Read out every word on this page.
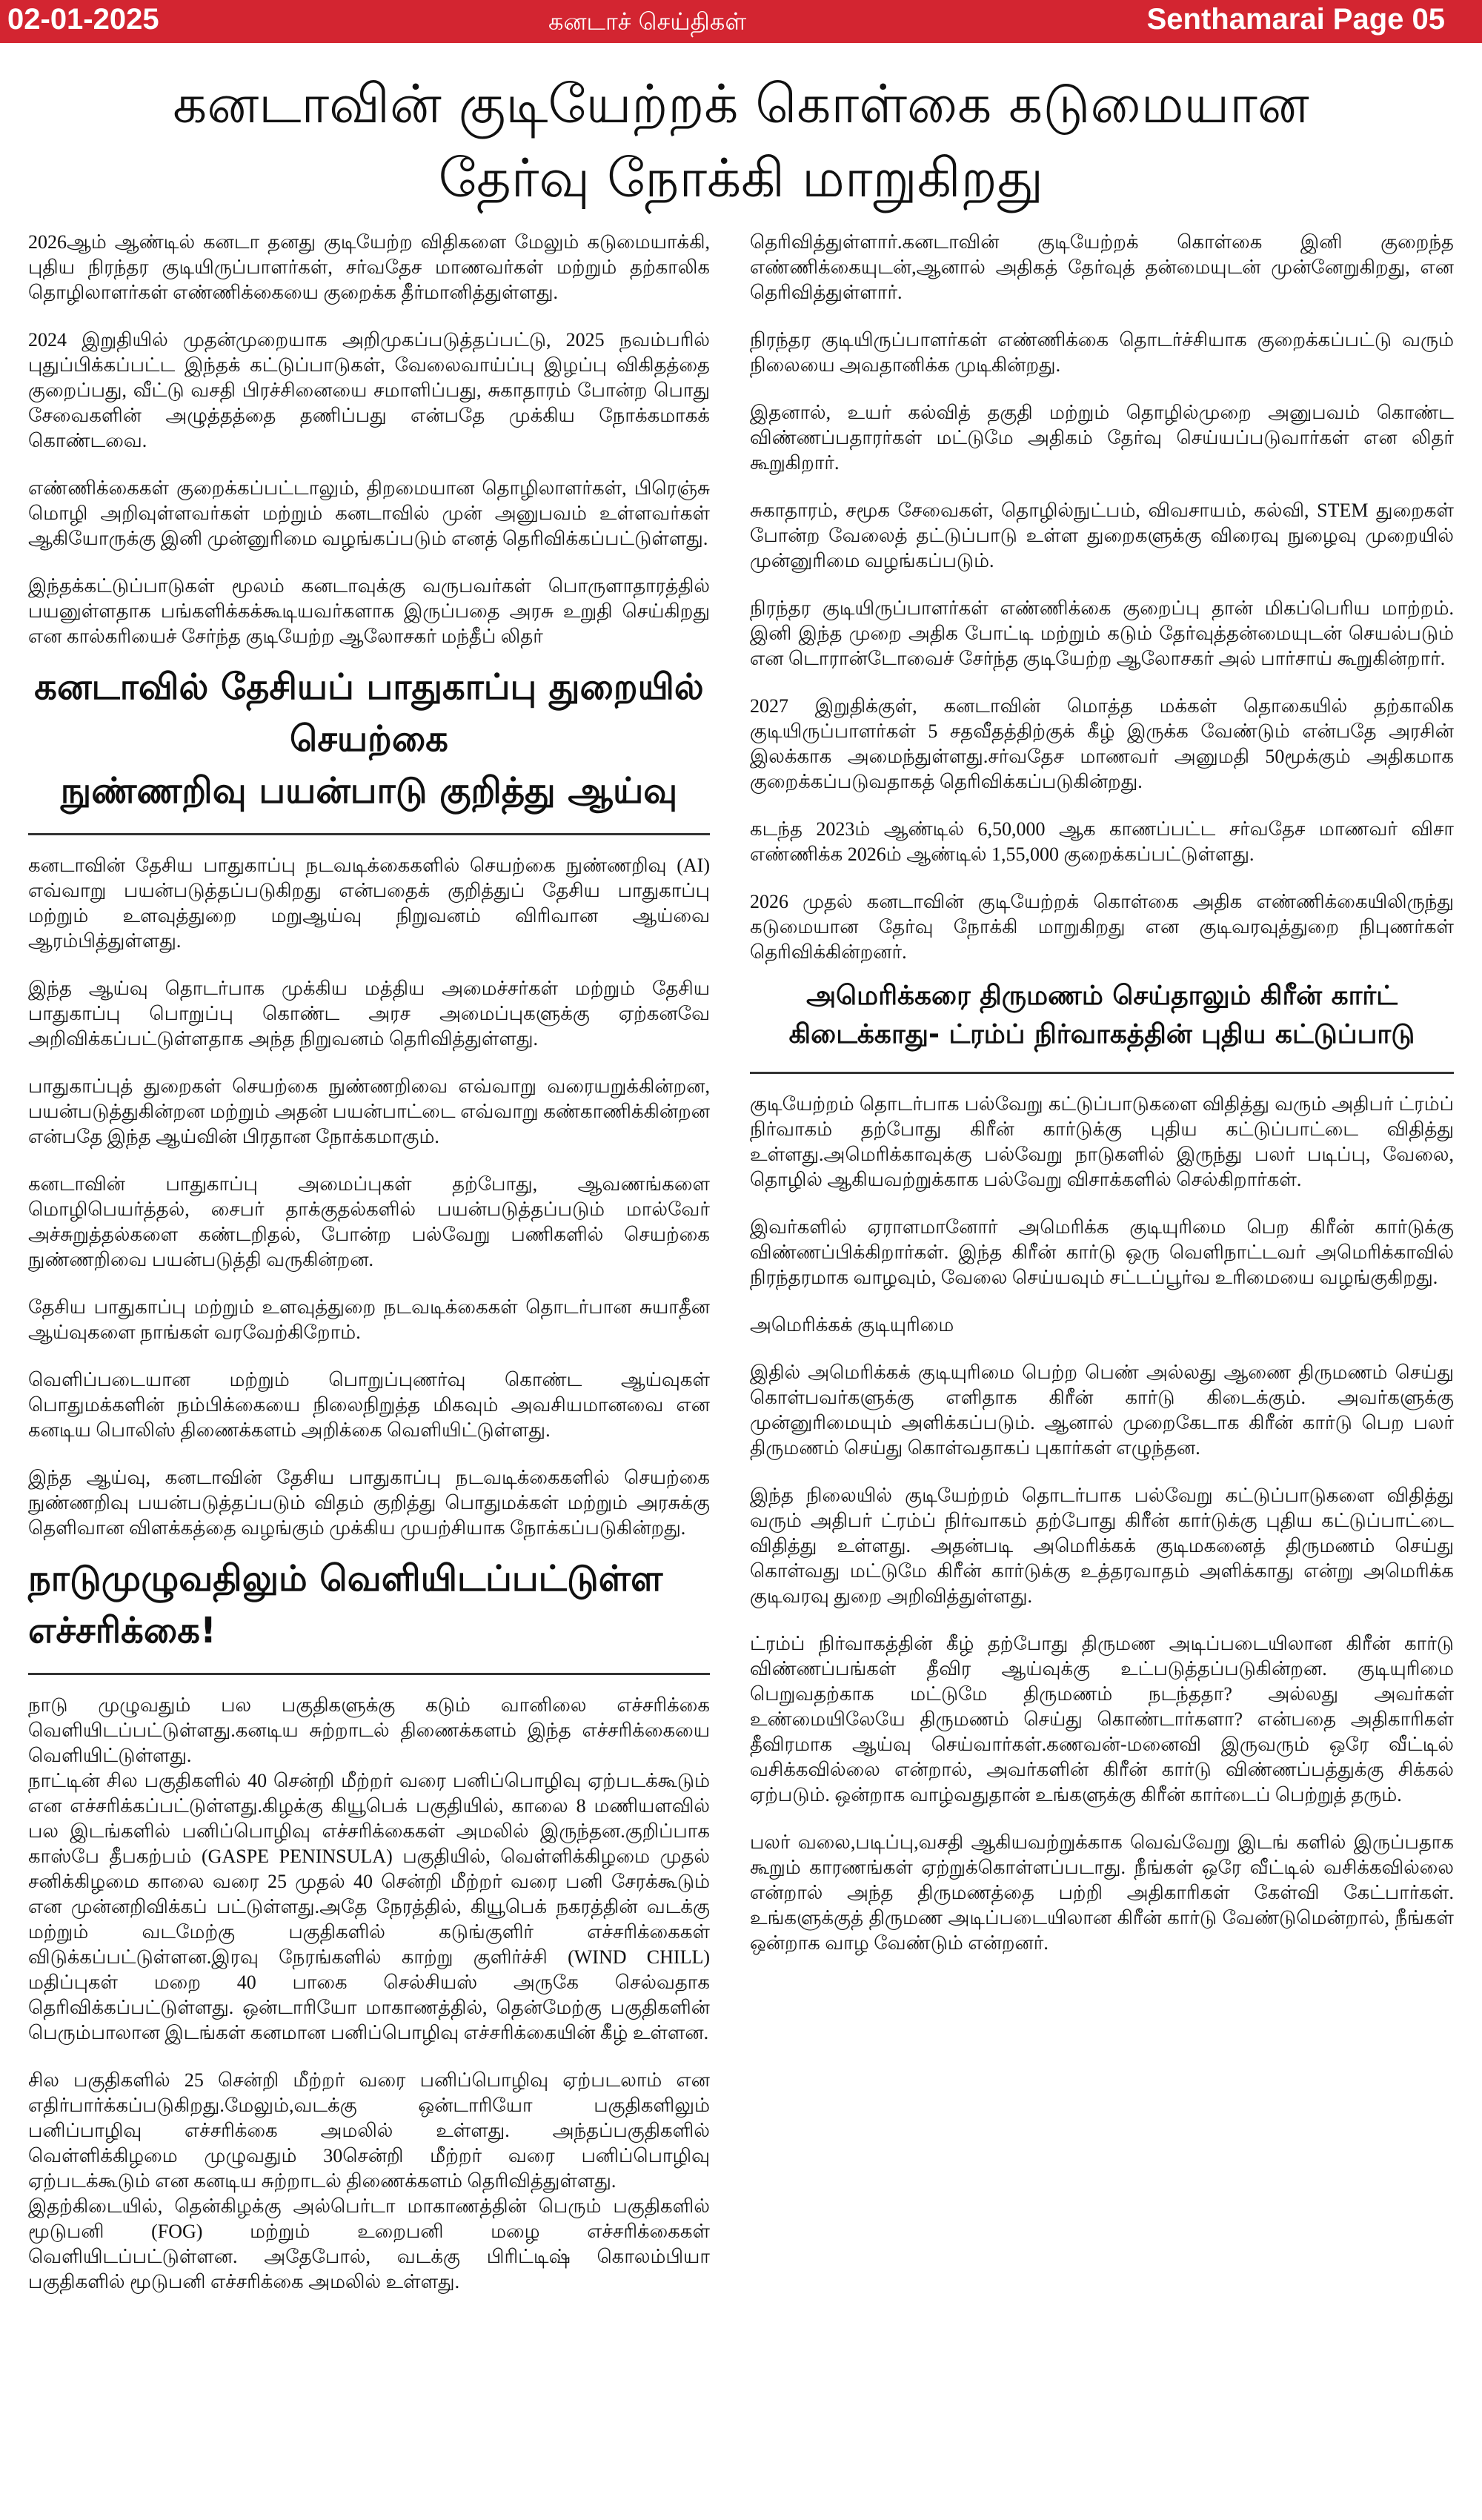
02-01-2025	கனடாச் செய்திகள்	Senthamarai Page 05
கனடாவின் குடியேற்றக் கொள்கை கடுமையான
தேர்வு நோக்கி மாறுகிறது

2026ஆம் ஆண்டில் கனடா தனது குடியேற்ற விதிகளை மேலும் கடுமையாக்கி, புதிய நிரந்தர குடியிருப்பாளர்கள், சர்வதேச மாணவர்கள் மற்றும் தற்காலிக தொழிலாளர்கள் எண்ணிக்கையை குறைக்க தீர்மானித்துள்ளது.

2024 இறுதியில் முதன்முறையாக அறிமுகப்படுத்தப்பட்டு, 2025 நவம்பரில் புதுப்பிக்கப்பட்ட இந்தக் கட்டுப்பாடுகள், வேலைவாய்ப்பு இழப்பு விகிதத்தை குறைப்பது, வீட்டு வசதி பிரச்சினையை சமாளிப்பது, சுகாதாரம் போன்ற பொது சேவைகளின் அழுத்தத்தை தணிப்பது என்பதே முக்கிய நோக்கமாகக் கொண்டவை.

எண்ணிக்கைகள் குறைக்கப்பட்டாலும், திறமையான தொழிலாளர்கள், பிரெஞ்சு மொழி அறிவுள்ளவர்கள் மற்றும் கனடாவில் முன் அனுபவம் உள்ளவர்கள் ஆகியோருக்கு இனி முன்னுரிமை வழங்கப்படும் எனத் தெரிவிக்கப்பட்டுள்ளது.

இந்தக்கட்டுப்பாடுகள் மூலம் கனடாவுக்கு வருபவர்கள் பொருளாதாரத்தில் பயனுள்ளதாக பங்களிக்கக்கூடியவர்களாக இருப்பதை அரசு உறுதி செய்கிறது என கால்கரியைச் சேர்ந்த குடியேற்ற ஆலோசகர் மந்தீப் லிதர்

கனடாவில் தேசியப் பாதுகாப்பு துறையில் செயற்கை
நுண்ணறிவு பயன்பாடு குறித்து ஆய்வு

கனடாவின் தேசிய பாதுகாப்பு நடவடிக்கைகளில் செயற்கை நுண்ணறிவு (AI) எவ்வாறு பயன்படுத்தப்படுகிறது என்பதைக் குறித்துப் தேசிய பாதுகாப்பு மற்றும் உளவுத்துறை மறுஆய்வு நிறுவனம் விரிவான ஆய்வை ஆரம்பித்துள்ளது.

இந்த ஆய்வு தொடர்பாக முக்கிய மத்திய அமைச்சர்கள் மற்றும் தேசிய பாதுகாப்பு பொறுப்பு கொண்ட அரச அமைப்புகளுக்கு ஏற்கனவே அறிவிக்கப்பட்டுள்ளதாக அந்த நிறுவனம் தெரிவித்துள்ளது.

பாதுகாப்புத் துறைகள் செயற்கை நுண்ணறிவை எவ்வாறு வரையறுக்கின்றன, பயன்படுத்துகின்றன மற்றும் அதன் பயன்பாட்டை எவ்வாறு கண்காணிக்கின்றன என்பதே இந்த ஆய்வின் பிரதான நோக்கமாகும்.

கனடாவின் பாதுகாப்பு அமைப்புகள் தற்போது, ஆவணங்களை மொழிபெயர்த்தல், சைபர் தாக்குதல்களில் பயன்படுத்தப்படும் மால்வேர் அச்சுறுத்தல்களை கண்டறிதல், போன்ற பல்வேறு பணிகளில் செயற்கை நுண்ணறிவை பயன்படுத்தி வருகின்றன.

தேசிய பாதுகாப்பு மற்றும் உளவுத்துறை நடவடிக்கைகள் தொடர்பான சுயாதீன ஆய்வுகளை நாங்கள் வரவேற்கிறோம்.

வெளிப்படையான மற்றும் பொறுப்புணர்வு கொண்ட ஆய்வுகள் பொதுமக்களின் நம்பிக்கையை நிலைநிறுத்த மிகவும் அவசியமானவை என கனடிய பொலிஸ் திணைக்களம் அறிக்கை வெளியிட்டுள்ளது.

இந்த ஆய்வு, கனடாவின் தேசிய பாதுகாப்பு நடவடிக்கைகளில் செயற்கை நுண்ணறிவு பயன்படுத்தப்படும் விதம் குறித்து பொதுமக்கள் மற்றும் அரசுக்கு தெளிவான விளக்கத்தை வழங்கும் முக்கிய முயற்சியாக நோக்கப்படுகின்றது.

நாடுமுழுவதிலும் வெளியிடப்பட்டுள்ள எச்சரிக்கை!

நாடு முழுவதும் பல பகுதிகளுக்கு கடும் வானிலை எச்சரிக்கை வெளியிடப்பட்டுள்ளது.கனடிய சுற்றாடல் திணைக்களம் இந்த எச்சரிக்கையை வெளியிட்டுள்ளது.
நாட்டின் சில பகுதிகளில் 40 சென்றி மீற்றர் வரை பனிப்பொழிவு ஏற்படக்கூடும் என எச்சரிக்கப்பட்டுள்ளது.கிழக்கு கியூபெக் பகுதியில், காலை 8 மணியளவில் பல இடங்களில் பனிப்பொழிவு எச்சரிக்கைகள் அமலில் இருந்தன.குறிப்பாக காஸ்பே தீபகற்பம் (GASPE PENINSULA) பகுதியில், வெள்ளிக்கிழமை முதல் சனிக்கிழமை காலை வரை 25 முதல் 40 சென்றி மீற்றர் வரை பனி சேரக்கூடும் என முன்னறிவிக்கப் பட்டுள்ளது.அதே நேரத்தில், கியூபெக் நகரத்தின் வடக்கு மற்றும் வடமேற்கு பகுதிகளில் கடுங்குளிர் எச்சரிக்கைகள் விடுக்கப்பட்டுள்ளன.இரவு நேரங்களில் காற்று குளிர்ச்சி (WIND CHILL) மதிப்புகள் மறை 40 பாகை செல்சியஸ் அருகே செல்வதாக தெரிவிக்கப்பட்டுள்ளது. ஒன்டாரியோ மாகாணத்தில், தென்மேற்கு பகுதிகளின் பெரும்பாலான இடங்கள் கனமான பனிப்பொழிவு எச்சரிக்கையின் கீழ் உள்ளன.

சில பகுதிகளில் 25 சென்றி மீற்றர் வரை பனிப்பொழிவு ஏற்படலாம் என எதிர்பார்க்கப்படுகிறது.மேலும்,வடக்கு ஒன்டாரியோ பகுதிகளிலும் பனிப்பாழிவு எச்சரிக்கை அமலில் உள்ளது. அந்தப்பகுதிகளில் வெள்ளிக்கிழமை முழுவதும் 30சென்றி மீற்றர் வரை பனிப்பொழிவு ஏற்படக்கூடும் என கனடிய சுற்றாடல் திணைக்களம் தெரிவித்துள்ளது.
இதற்கிடையில், தென்கிழக்கு அல்பெர்டா மாகாணத்தின் பெரும் பகுதிகளில் மூடுபனி (FOG) மற்றும் உறைபனி மழை எச்சரிக்கைகள் வெளியிடப்பட்டுள்ளன. அதேபோல், வடக்கு பிரிட்டிஷ் கொலம்பியா பகுதிகளில் மூடுபனி எச்சரிக்கை அமலில் உள்ளது.

தெரிவித்துள்ளார்.கனடாவின் குடியேற்றக் கொள்கை இனி குறைந்த எண்ணிக்கையுடன்,ஆனால் அதிகத் தேர்வுத் தன்மையுடன் முன்னேறுகிறது, என தெரிவித்துள்ளார்.

நிரந்தர குடியிருப்பாளர்கள் எண்ணிக்கை தொடர்ச்சியாக குறைக்கப்பட்டு வரும் நிலையை அவதானிக்க முடிகின்றது.

இதனால், உயர் கல்வித் தகுதி மற்றும் தொழில்முறை அனுபவம் கொண்ட விண்ணப்பதாரர்கள் மட்டுமே அதிகம் தேர்வு செய்யப்படுவார்கள் என லிதர் கூறுகிறார்.

சுகாதாரம், சமூக சேவைகள், தொழில்நுட்பம், விவசாயம், கல்வி, STEM துறைகள் போன்ற வேலைத் தட்டுப்பாடு உள்ள துறைகளுக்கு விரைவு நுழைவு முறையில் முன்னுரிமை வழங்கப்படும்.

நிரந்தர குடியிருப்பாளர்கள் எண்ணிக்கை குறைப்பு தான் மிகப்பெரிய மாற்றம். இனி இந்த முறை அதிக போட்டி மற்றும் கடும் தேர்வுத்தன்மையுடன் செயல்படும் என டொரான்டோவைச் சேர்ந்த குடியேற்ற ஆலோசகர் அல் பார்சாய் கூறுகின்றார்.

2027 இறுதிக்குள், கனடாவின் மொத்த மக்கள் தொகையில் தற்காலிக குடியிருப்பாளர்கள் 5 சதவீதத்திற்குக் கீழ் இருக்க வேண்டும் என்பதே அரசின் இலக்காக அமைந்துள்ளது.சர்வதேச மாணவர் அனுமதி 50மூக்கும் அதிகமாக குறைக்கப்படுவதாகத் தெரிவிக்கப்படுகின்றது.

கடந்த 2023ம் ஆண்டில் 6,50,000 ஆக காணப்பட்ட சர்வதேச மாணவர் விசா எண்ணிக்க 2026ம் ஆண்டில் 1,55,000 குறைக்கப்பட்டுள்ளது.

2026 முதல் கனடாவின் குடியேற்றக் கொள்கை அதிக எண்ணிக்கையிலிருந்து கடுமையான தேர்வு நோக்கி மாறுகிறது என குடிவரவுத்துறை நிபுணர்கள் தெரிவிக்கின்றனர்.

அமெரிக்கரை திருமணம் செய்தாலும் கிரீன் கார்ட்
கிடைக்காது- ட்ரம்ப் நிர்வாகத்தின் புதிய கட்டுப்பாடு

குடியேற்றம் தொடர்பாக பல்வேறு கட்டுப்பாடுகளை விதித்து வரும் அதிபர் ட்ரம்ப் நிர்வாகம் தற்போது கிரீன் கார்டுக்கு புதிய கட்டுப்பாட்டை விதித்து உள்ளது.அமெரிக்காவுக்கு பல்வேறு நாடுகளில் இருந்து பலர் படிப்பு, வேலை, தொழில் ஆகியவற்றுக்காக பல்வேறு விசாக்களில் செல்கிறார்கள்.

இவர்களில் ஏராளமானோர் அமெரிக்க குடியுரிமை பெற கிரீன் கார்டுக்கு விண்ணப்பிக்கிறார்கள். இந்த கிரீன் கார்டு ஒரு வெளிநாட்டவர் அமெரிக்காவில் நிரந்தரமாக வாழவும், வேலை செய்யவும் சட்டப்பூர்வ உரிமையை வழங்குகிறது.

அமெரிக்கக் குடியுரிமை

இதில் அமெரிக்கக் குடியுரிமை பெற்ற பெண் அல்லது ஆணை திருமணம் செய்து கொள்பவர்களுக்கு எளிதாக கிரீன் கார்டு கிடைக்கும். அவர்களுக்கு முன்னுரிமையும் அளிக்கப்படும். ஆனால் முறைகேடாக கிரீன் கார்டு பெற பலர் திருமணம் செய்து கொள்வதாகப் புகார்கள் எழுந்தன.

இந்த நிலையில் குடியேற்றம் தொடர்பாக பல்வேறு கட்டுப்பாடுகளை விதித்து வரும் அதிபர் ட்ரம்ப் நிர்வாகம் தற்போது கிரீன் கார்டுக்கு புதிய கட்டுப்பாட்டை விதித்து உள்ளது. அதன்படி அமெரிக்கக் குடிமகனைத் திருமணம் செய்து கொள்வது மட்டுமே கிரீன் கார்டுக்கு உத்தரவாதம் அளிக்காது என்று அமெரிக்க குடிவரவு துறை அறிவித்துள்ளது.

ட்ரம்ப் நிர்வாகத்தின் கீழ் தற்போது திருமண அடிப்படையிலான கிரீன் கார்டு விண்ணப்பங்கள் தீவிர ஆய்வுக்கு உட்படுத்தப்படுகின்றன. குடியுரிமை பெறுவதற்காக மட்டுமே திருமணம் நடந்ததா? அல்லது அவர்கள் உண்மையிலேயே திருமணம் செய்து கொண்டார்களா? என்பதை அதிகாரிகள் தீவிரமாக ஆய்வு செய்வார்கள்.கணவன்-மனைவி இருவரும் ஒரே வீட்டில் வசிக்கவில்லை என்றால், அவர்களின் கிரீன் கார்டு விண்ணப்பத்துக்கு சிக்கல் ஏற்படும். ஒன்றாக வாழ்வதுதான் உங்களுக்கு கிரீன் கார்டைப் பெற்றுத் தரும்.

பலர் வலை,படிப்பு,வசதி ஆகியவற்றுக்காக வெவ்வேறு இடங் களில் இருப்பதாக கூறும் காரணங்கள் ஏற்றுக்கொள்ளப்படாது. நீங்கள் ஒரே வீட்டில் வசிக்கவில்லை என்றால் அந்த திருமணத்தை பற்றி அதிகாரிகள் கேள்வி கேட்பார்கள். உங்களுக்குத் திருமண அடிப்படையிலான கிரீன் கார்டு வேண்டுமென்றால், நீங்கள் ஒன்றாக வாழ வேண்டும் என்றனர்.
